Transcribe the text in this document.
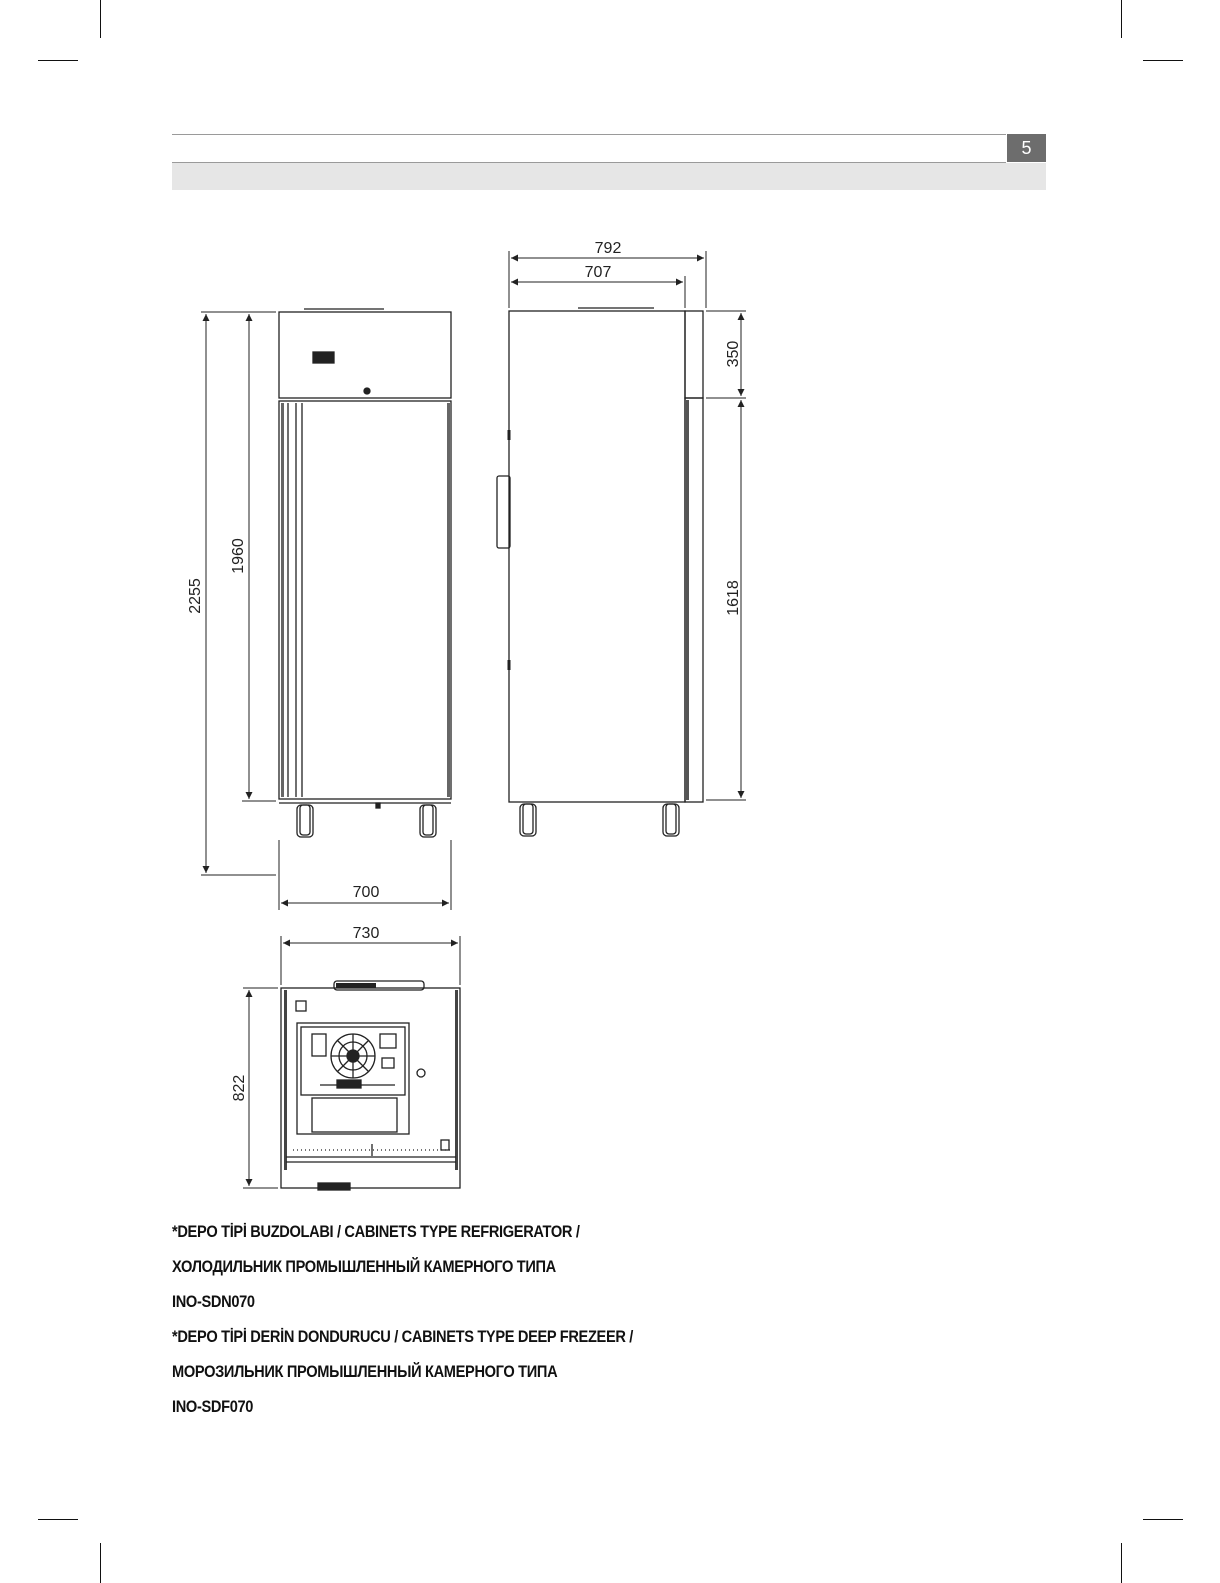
5
2255
1960
700
792
707
350
1618
730
822
*DEPO TİPİ BUZDOLABI / CABINETS TYPE REFRIGERATOR /
ХОЛОДИЛЬНИК ПРОМЫШЛЕННЫЙ КАМЕРНОГО ТИПА
INO-SDN070
*DEPO TİPİ DERİN DONDURUCU / CABINETS TYPE DEEP FREZEER /
МОРОЗИЛЬНИК ПРОМЫШЛЕННЫЙ КАМЕРНОГО ТИПА
INO-SDF070
